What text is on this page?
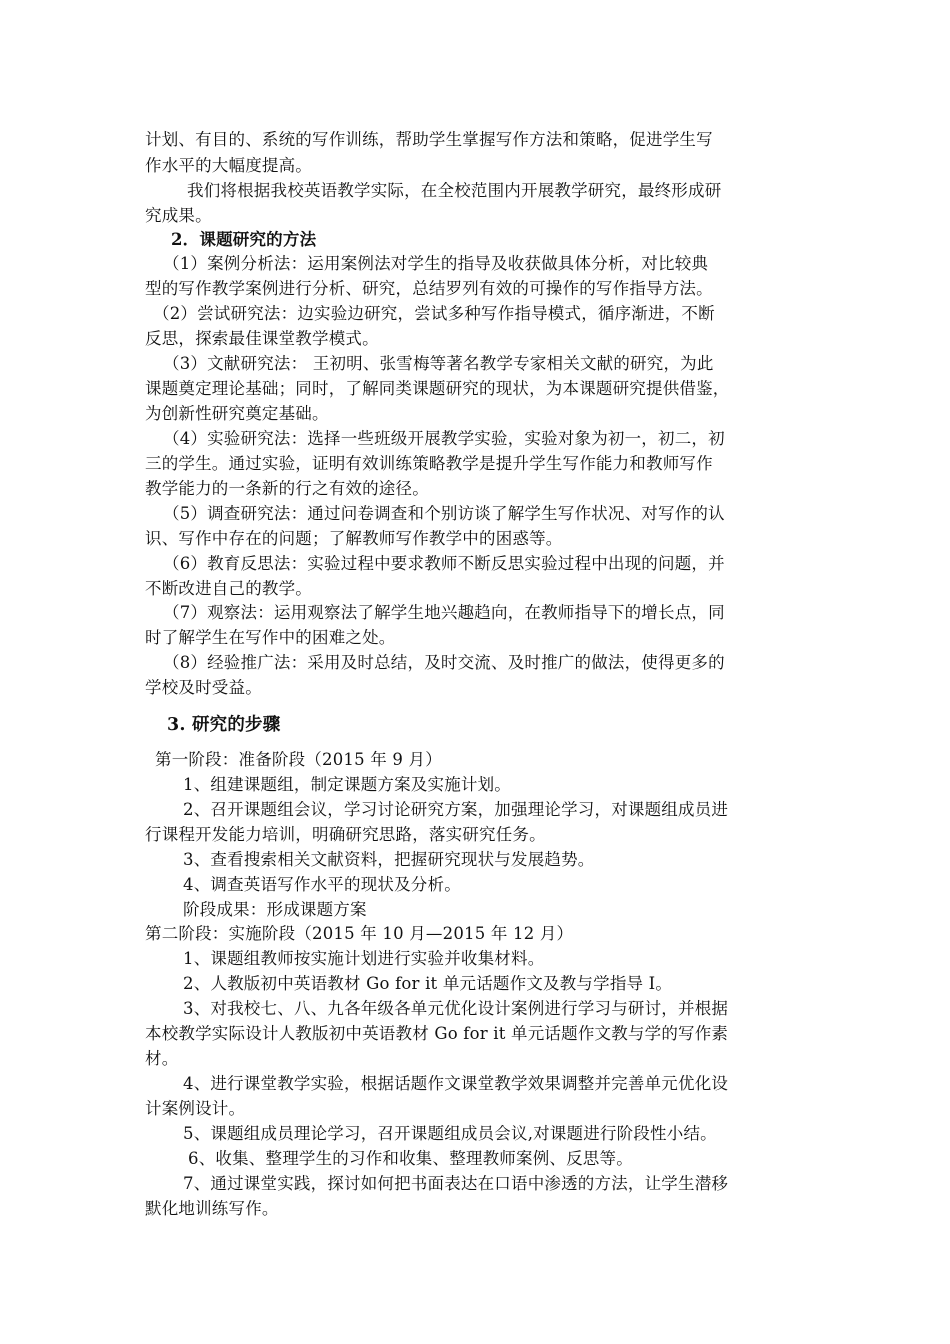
计划、有目的、系统的写作训练，帮助学生掌握写作方法和策略，促进学生写
作水平的大幅度提高。
我们将根据我校英语教学实际，在全校范围内开展教学研究，最终形成研
究成果。
2．课题研究的方法
（1）案例分析法：运用案例法对学生的指导及收获做具体分析，对比较典
型的写作教学案例进行分析、研究，总结罗列有效的可操作的写作指导方法。
（2）尝试研究法：边实验边研究，尝试多种写作指导模式，循序渐进，不断
反思，探索最佳课堂教学模式。
（3）文献研究法： 王初明、张雪梅等著名教学专家相关文献的研究，为此
课题奠定理论基础；同时，了解同类课题研究的现状，为本课题研究提供借鉴，
为创新性研究奠定基础。
（4）实验研究法：选择一些班级开展教学实验，实验对象为初一，初二，初
三的学生。通过实验，证明有效训练策略教学是提升学生写作能力和教师写作
教学能力的一条新的行之有效的途径。
（5）调查研究法：通过问卷调查和个别访谈了解学生写作状况、对写作的认
识、写作中存在的问题；了解教师写作教学中的困惑等。
（6）教育反思法：实验过程中要求教师不断反思实验过程中出现的问题，并
不断改进自己的教学。
（7）观察法：运用观察法了解学生地兴趣趋向，在教师指导下的增长点，同
时了解学生在写作中的困难之处。
（8）经验推广法：采用及时总结，及时交流、及时推广的做法，使得更多的
学校及时受益。
3. 研究的步骤
第一阶段：准备阶段（2015 年 9 月）
1、组建课题组，制定课题方案及实施计划。
2、召开课题组会议，学习讨论研究方案，加强理论学习，对课题组成员进
行课程开发能力培训，明确研究思路，落实研究任务。
3、查看搜索相关文献资料，把握研究现状与发展趋势。
4、调查英语写作水平的现状及分析。
阶段成果：形成课题方案
第二阶段：实施阶段（2015 年 10 月—2015 年 12 月）
1、课题组教师按实施计划进行实验并收集材料。
2、人教版初中英语教材 Go for it 单元话题作文及教与学指导 I。
3、对我校七、八、九各年级各单元优化设计案例进行学习与研讨，并根据
本校教学实际设计人教版初中英语教材 Go for it 单元话题作文教与学的写作素
材。
4、进行课堂教学实验，根据话题作文课堂教学效果调整并完善单元优化设
计案例设计。
5、课题组成员理论学习，召开课题组成员会议,对课题进行阶段性小结。
6、收集、整理学生的习作和收集、整理教师案例、反思等。
7、通过课堂实践，探讨如何把书面表达在口语中渗透的方法，让学生潜移
默化地训练写作。
